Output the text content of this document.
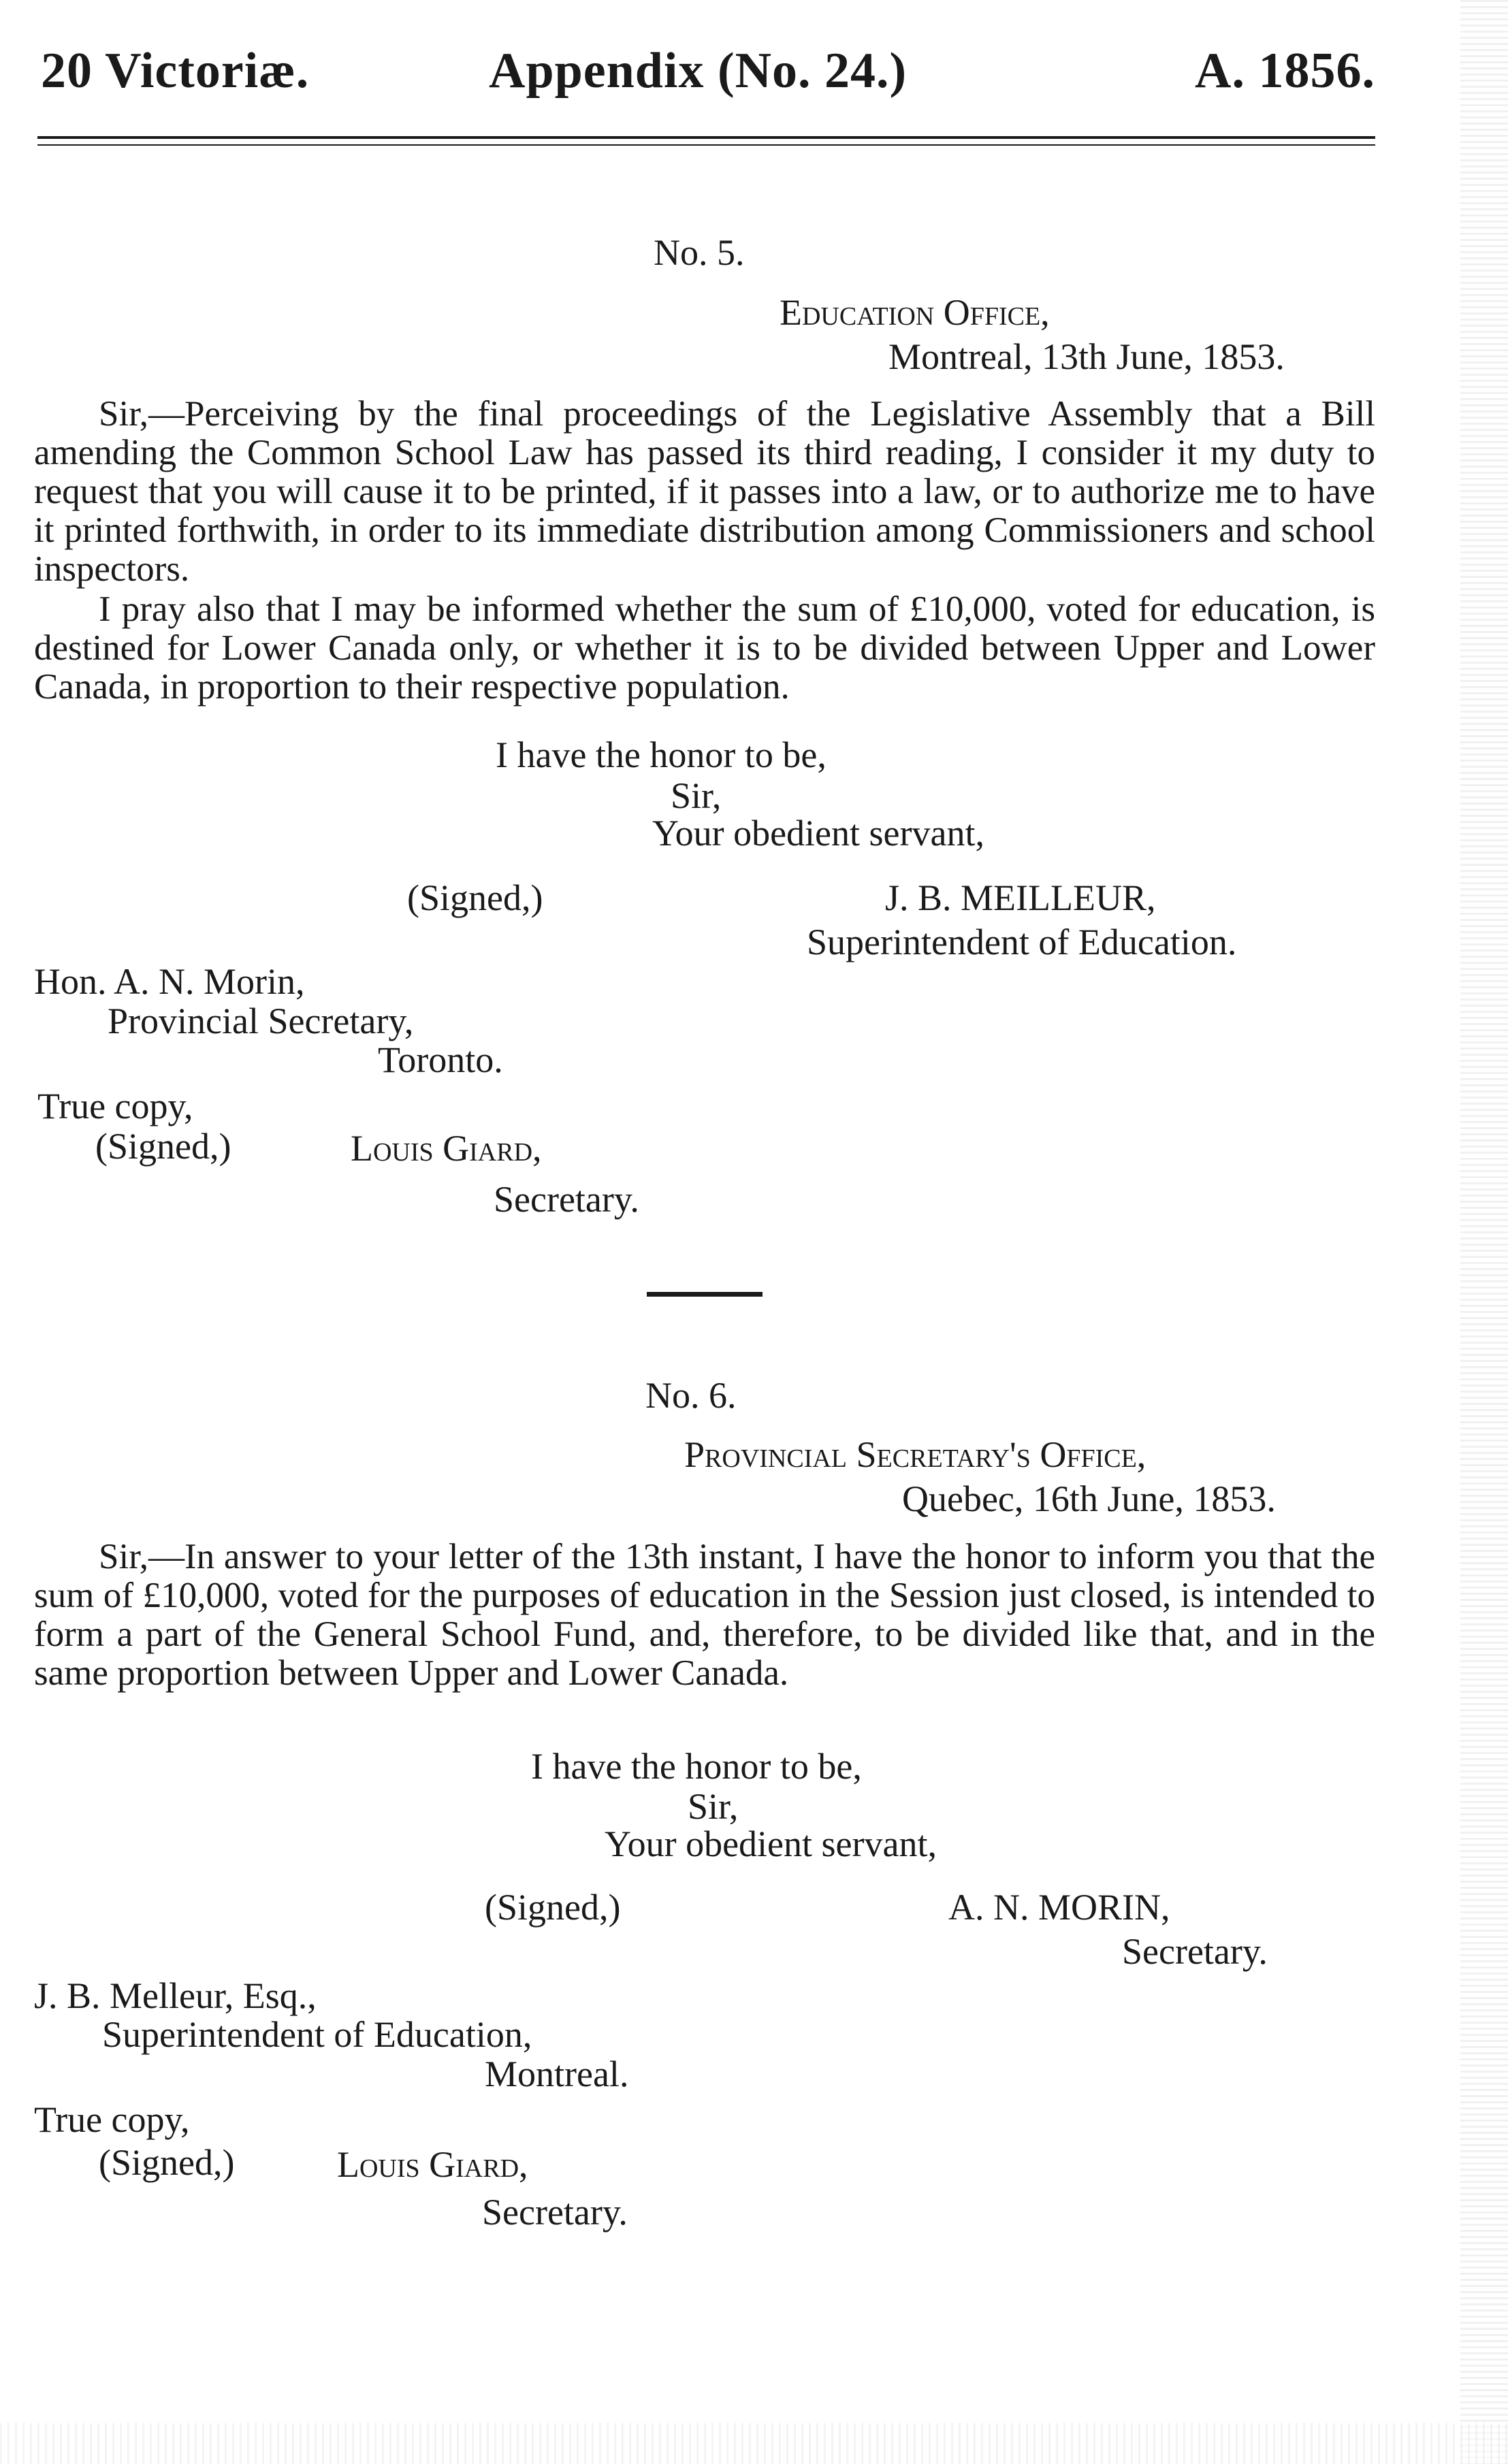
20 Victoriæ.	Appendix (No. 24.)	A. 1856.
No. 5.
Education Office,
Montreal, 13th June, 1853.
Sir,—Perceiving by the final proceedings of the Legislative Assembly that a Bill amending the Common School Law has passed its third reading, I consider it my duty to request that you will cause it to be printed, if it passes into a law, or to authorize me to have it printed forthwith, in order to its immediate distribution among Commissioners and school inspectors.
I pray also that I may be informed whether the sum of £10,000, voted for education, is destined for Lower Canada only, or whether it is to be divided between Upper and Lower Canada, in proportion to their respective population.
I have the honor to be,
Sir,
Your obedient servant,
(Signed,)	J. B. MEILLEUR,
Superintendent of Education.
Hon. A. N. Morin,
Provincial Secretary,
Toronto.
True copy,
(Signed,)	Louis Giard,
Secretary.
No. 6.
Provincial Secretary's Office,
Quebec, 16th June, 1853.
Sir,—In answer to your letter of the 13th instant, I have the honor to inform you that the sum of £10,000, voted for the purposes of education in the Session just closed, is intended to form a part of the General School Fund, and, therefore, to be divided like that, and in the same proportion between Upper and Lower Canada.
I have the honor to be,
Sir,
Your obedient servant,
(Signed,)	A. N. MORIN,
Secretary.
J. B. Melleur, Esq.,
Superintendent of Education,
Montreal.
True copy,
(Signed,)	Louis Giard,
Secretary.
